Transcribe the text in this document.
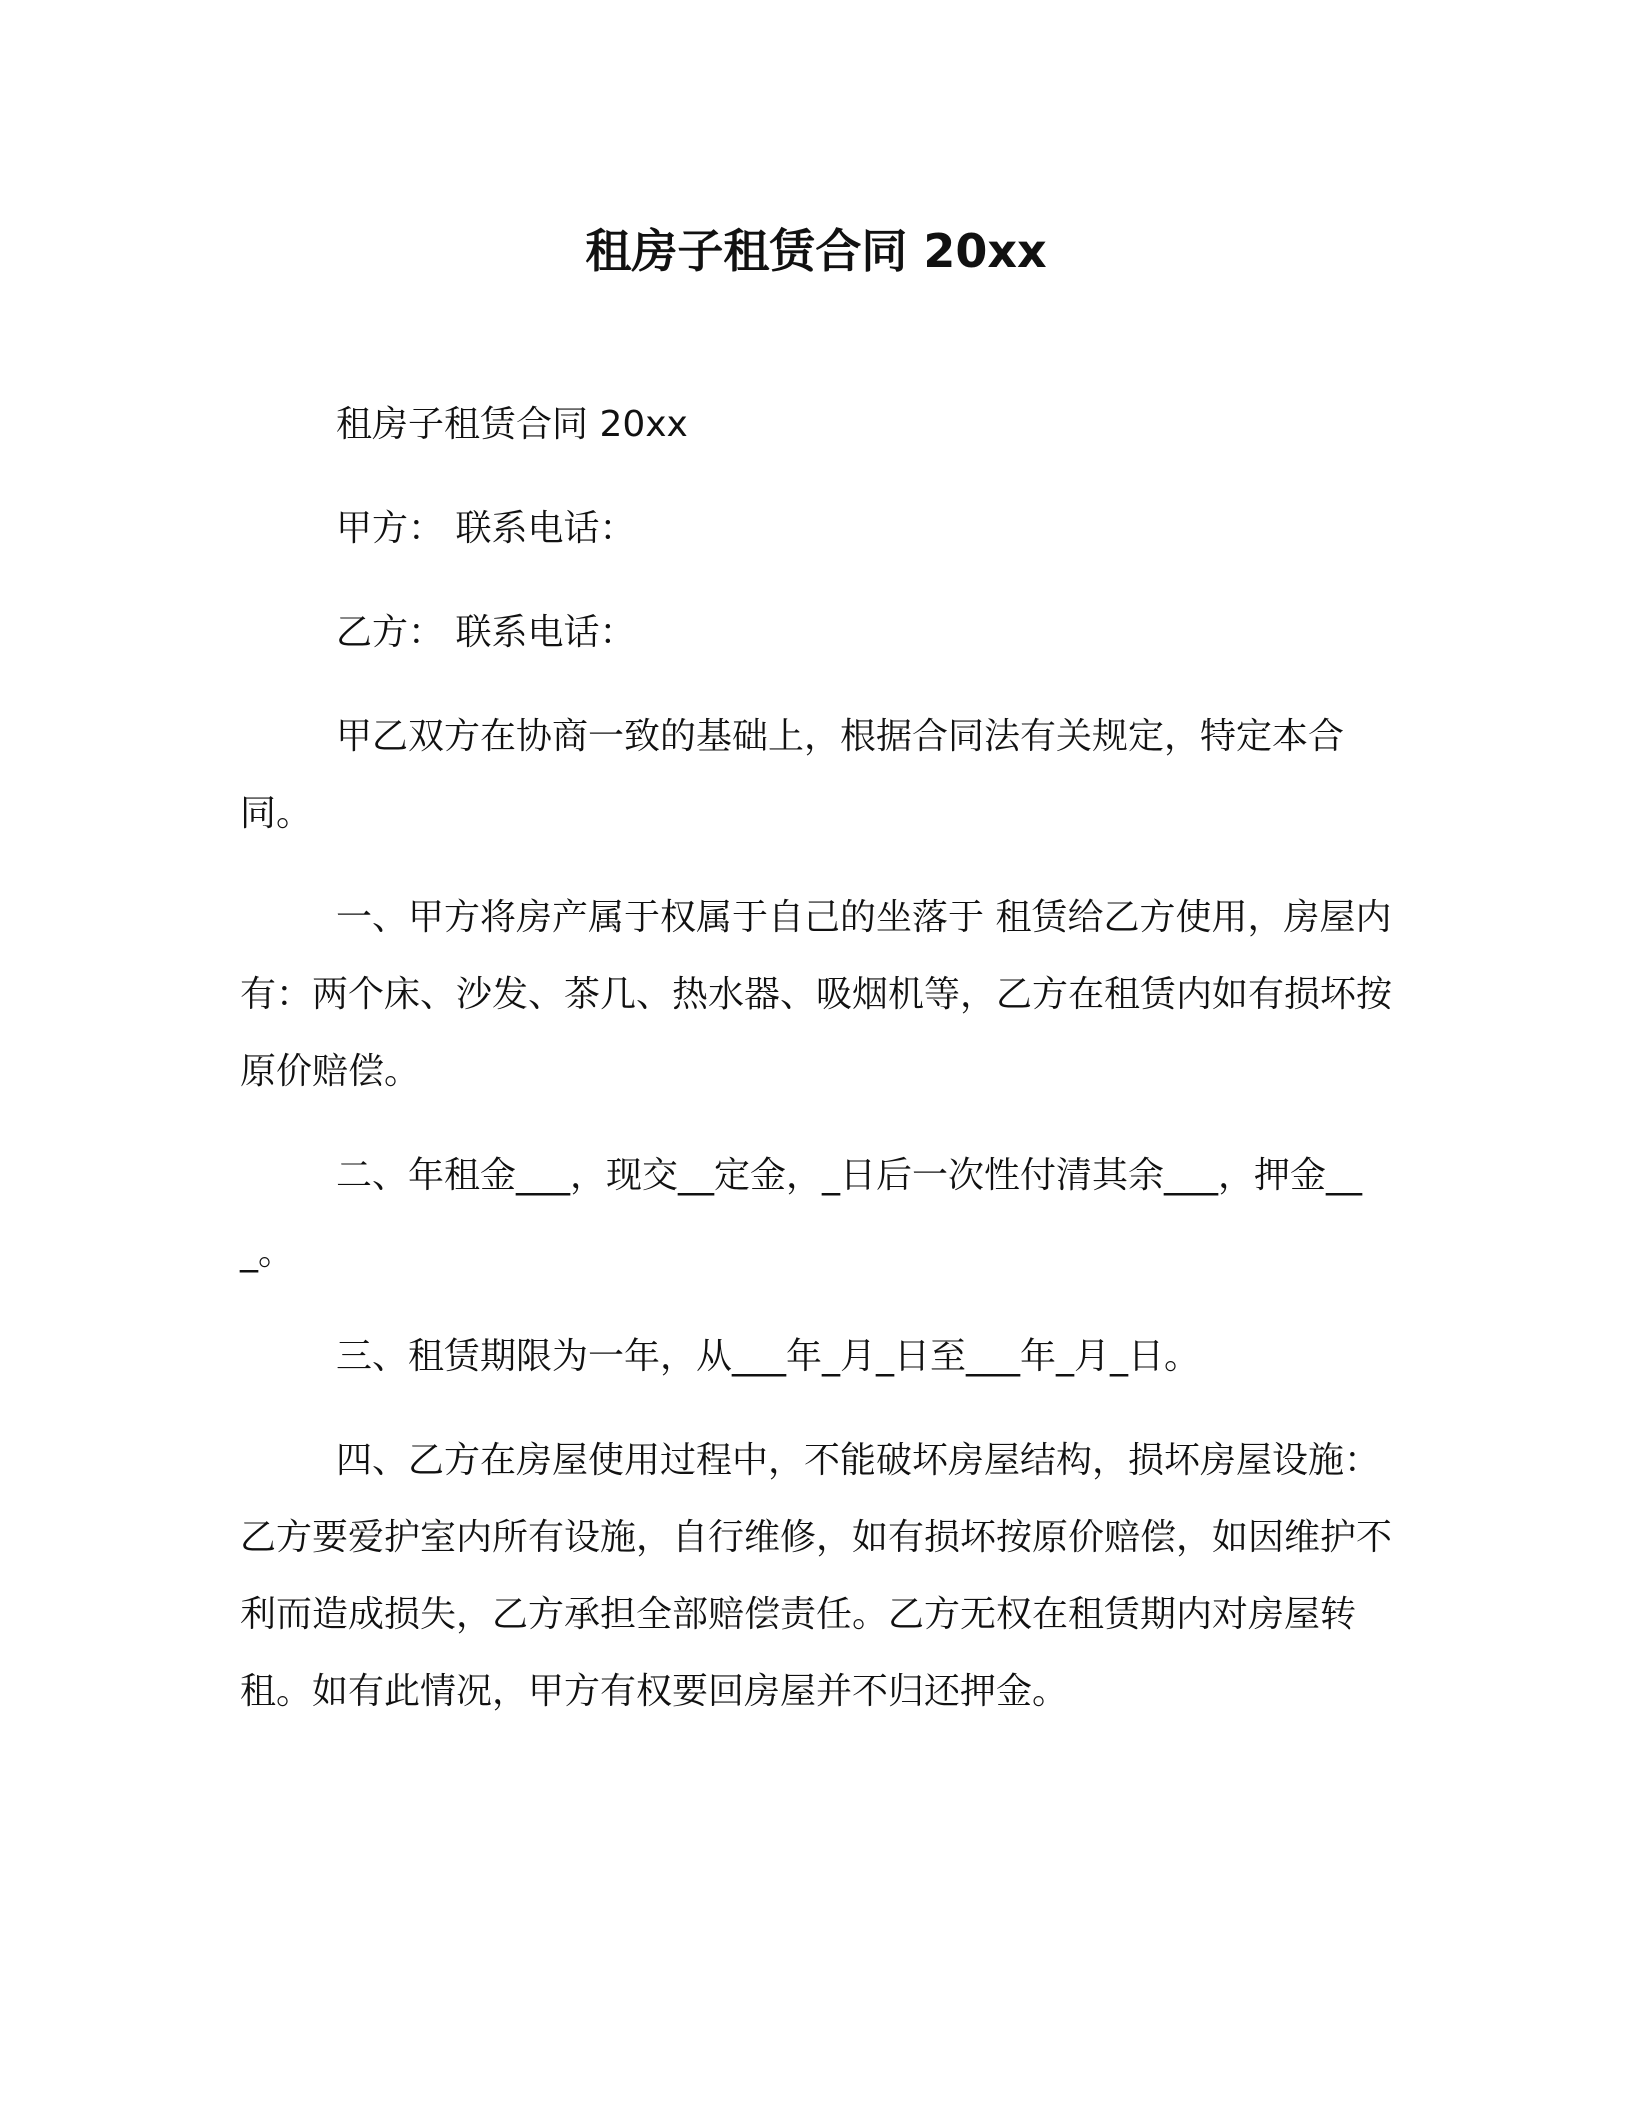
租房子租赁合同 20xx

租房子租赁合同 20xx

甲方： 联系电话：

乙方： 联系电话：

甲乙双方在协商一致的基础上，根据合同法有关规定，特定本合同。

一、甲方将房产属于权属于自己的坐落于 租赁给乙方使用，房屋内有：两个床、沙发、茶几、热水器、吸烟机等，乙方在租赁内如有损坏按原价赔偿。

二、年租金___，现交__定金，_日后一次性付清其余___，押金___。

三、租赁期限为一年，从___年_月_日至___年_月_日。

四、乙方在房屋使用过程中，不能破坏房屋结构，损坏房屋设施：乙方要爱护室内所有设施，自行维修，如有损坏按原价赔偿，如因维护不利而造成损失，乙方承担全部赔偿责任。乙方无权在租赁期内对房屋转租。如有此情况，甲方有权要回房屋并不归还押金。
